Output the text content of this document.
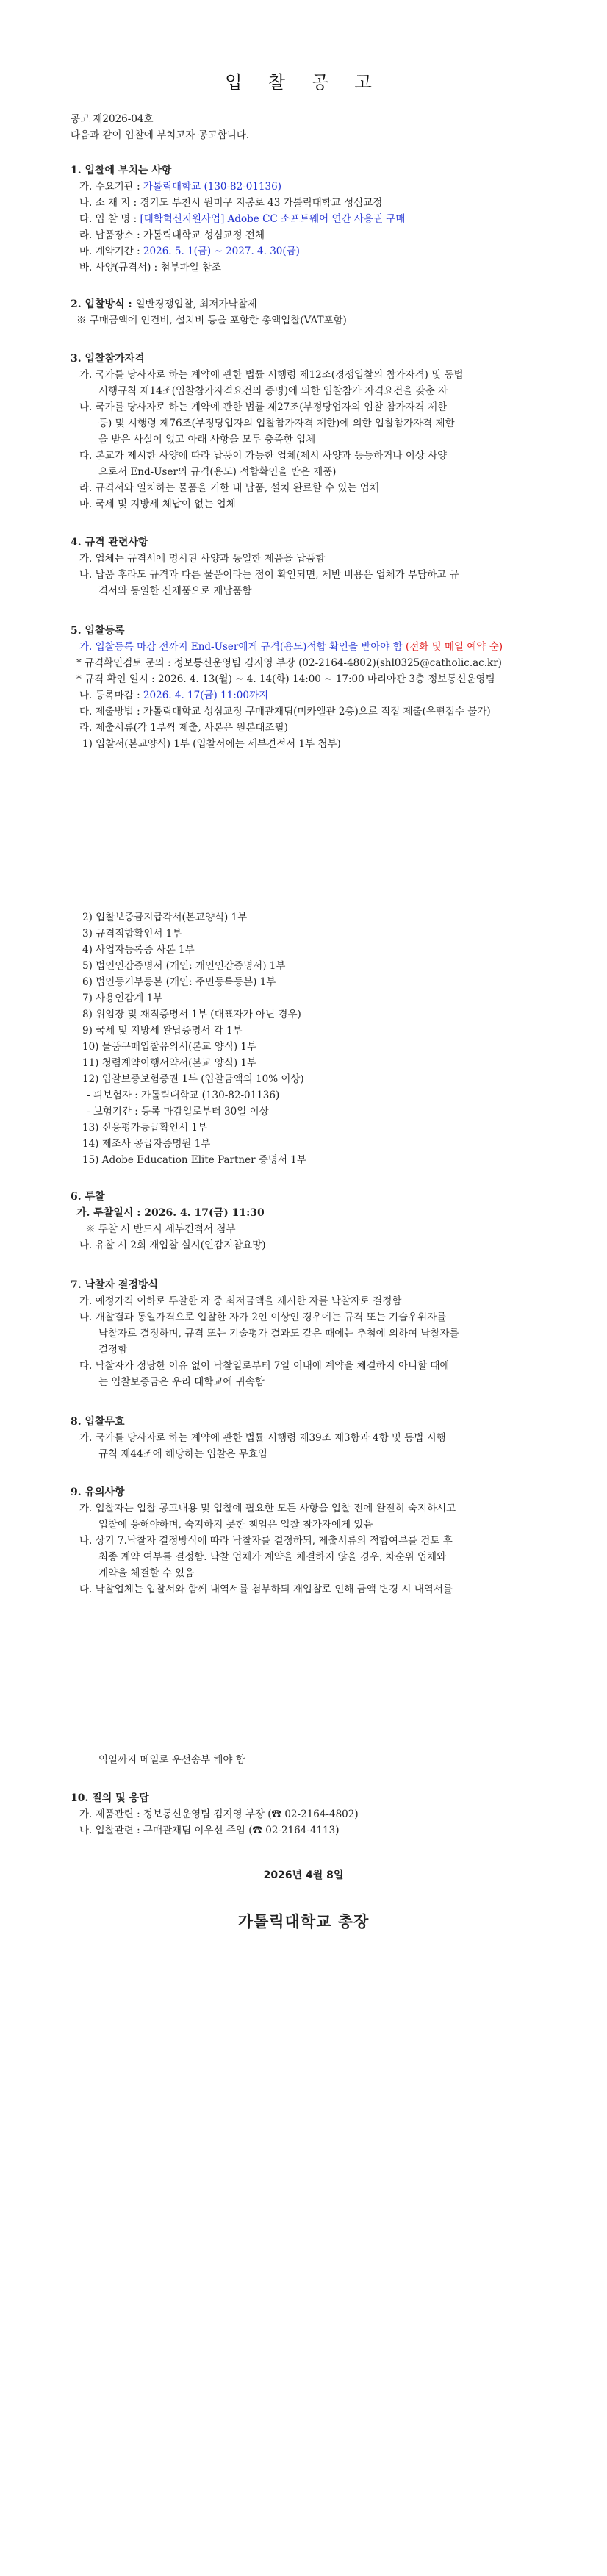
입 찰 공 고
공고 제2026-04호
다음과 같이 입찰에 부치고자 공고합니다.
1. 입찰에 부치는 사항
가. 수요기관 : 가톨릭대학교 (130-82-01136)
나. 소 재 지 : 경기도 부천시 원미구 지봉로 43 가톨릭대학교 성심교정
다. 입 찰 명 : [대학혁신지원사업] Adobe CC 소프트웨어 연간 사용권 구매
라. 납품장소 : 가톨릭대학교 성심교정 전체
마. 계약기간 : 2026. 5. 1(금) ~ 2027. 4. 30(금)
바. 사양(규격서) : 첨부파일 참조
2. 입찰방식 : 일반경쟁입찰, 최저가낙찰제
※ 구매금액에 인건비, 설치비 등을 포함한 총액입찰(VAT포함)
3. 입찰참가자격
가. 국가를 당사자로 하는 계약에 관한 법률 시행령 제12조(경쟁입찰의 참가자격) 및 동법
시행규칙 제14조(입찰참가자격요건의 증명)에 의한 입찰참가 자격요건을 갖춘 자
나. 국가를 당사자로 하는 계약에 관한 법률 제27조(부정당업자의 입찰 참가자격 제한
등) 및 시행령 제76조(부정당업자의 입찰참가자격 제한)에 의한 입찰참가자격 제한
을 받은 사실이 없고 아래 사항을 모두 충족한 업체
다. 본교가 제시한 사양에 따라 납품이 가능한 업체(제시 사양과 동등하거나 이상 사양
으로서 End-User의 규격(용도) 적합확인을 받은 제품)
라. 규격서와 일치하는 물품을 기한 내 납품, 설치 완료할 수 있는 업체
마. 국세 및 지방세 체납이 없는 업체
4. 규격 관련사항
가. 업체는 규격서에 명시된 사양과 동일한 제품을 납품함
나. 납품 후라도 규격과 다른 물품이라는 점이 확인되면, 제반 비용은 업체가 부담하고 규
격서와 동일한 신제품으로 재납품함
5. 입찰등록
가. 입찰등록 마감 전까지 End-User에게 규격(용도)적합 확인을 받아야 함 (전화 및 메일 예약 순)
* 규격확인검토 문의 : 정보통신운영팀 김지영 부장 (02-2164-4802)(shl0325@catholic.ac.kr)
* 규격 확인 일시 : 2026. 4. 13(월) ~ 4. 14(화) 14:00 ~ 17:00 마리아관 3층 정보통신운영팀
나. 등록마감 : 2026. 4. 17(금) 11:00까지
다. 제출방법 : 가톨릭대학교 성심교정 구매관재팀(미카엘관 2층)으로 직접 제출(우편접수 불가)
라. 제출서류(각 1부씩 제출, 사본은 원본대조필)
1) 입찰서(본교양식) 1부 (입찰서에는 세부견적서 1부 첨부)
2) 입찰보증금지급각서(본교양식) 1부
3) 규격적합확인서 1부
4) 사업자등록증 사본 1부
5) 법인인감증명서 (개인: 개인인감증명서) 1부
6) 법인등기부등본 (개인: 주민등록등본) 1부
7) 사용인감계 1부
8) 위임장 및 재직증명서 1부 (대표자가 아닌 경우)
9) 국세 및 지방세 완납증명서 각 1부
10) 물품구매입찰유의서(본교 양식) 1부
11) 청렴계약이행서약서(본교 양식) 1부
12) 입찰보증보험증권 1부 (입찰금액의 10% 이상)
- 피보험자 : 가톨릭대학교 (130-82-01136)
- 보험기간 : 등록 마감일로부터 30일 이상
13) 신용평가등급확인서 1부
14) 제조사 공급자증명원 1부
15) Adobe Education Elite Partner 증명서 1부
6. 투찰
가. 투찰일시 : 2026. 4. 17(금) 11:30
※ 투찰 시 반드시 세부견적서 첨부
나. 유찰 시 2회 재입찰 실시(인감지참요망)
7. 낙찰자 결정방식
가. 예정가격 이하로 투찰한 자 중 최저금액을 제시한 자를 낙찰자로 결정함
나. 개찰결과 동일가격으로 입찰한 자가 2인 이상인 경우에는 규격 또는 기술우위자를
낙찰자로 결정하며, 규격 또는 기술평가 결과도 같은 때에는 추첨에 의하여 낙찰자를
결정함
다. 낙찰자가 정당한 이유 없이 낙찰일로부터 7일 이내에 계약을 체결하지 아니할 때에
는 입찰보증금은 우리 대학교에 귀속함
8. 입찰무효
가. 국가를 당사자로 하는 계약에 관한 법률 시행령 제39조 제3항과 4항 및 동법 시행
규칙 제44조에 해당하는 입찰은 무효임
9. 유의사항
가. 입찰자는 입찰 공고내용 및 입찰에 필요한 모든 사항을 입찰 전에 완전히 숙지하시고
입찰에 응해야하며, 숙지하지 못한 책임은 입찰 참가자에게 있음
나. 상기 7.낙찰자 결정방식에 따라 낙찰자를 결정하되, 제출서류의 적합여부를 검토 후
최종 계약 여부를 결정함. 낙찰 업체가 계약을 체결하지 않을 경우, 차순위 업체와
계약을 체결할 수 있음
다. 낙찰업체는 입찰서와 함께 내역서를 첨부하되 재입찰로 인해 금액 변경 시 내역서를
익일까지 메일로 우선송부 해야 함
10. 질의 및 응답
가. 제품관련 : 정보통신운영팀 김지영 부장 (☎ 02-2164-4802)
나. 입찰관련 : 구매관재팀 이우선 주임 (☎ 02-2164-4113)
2026년 4월 8일
가톨릭대학교 총장
